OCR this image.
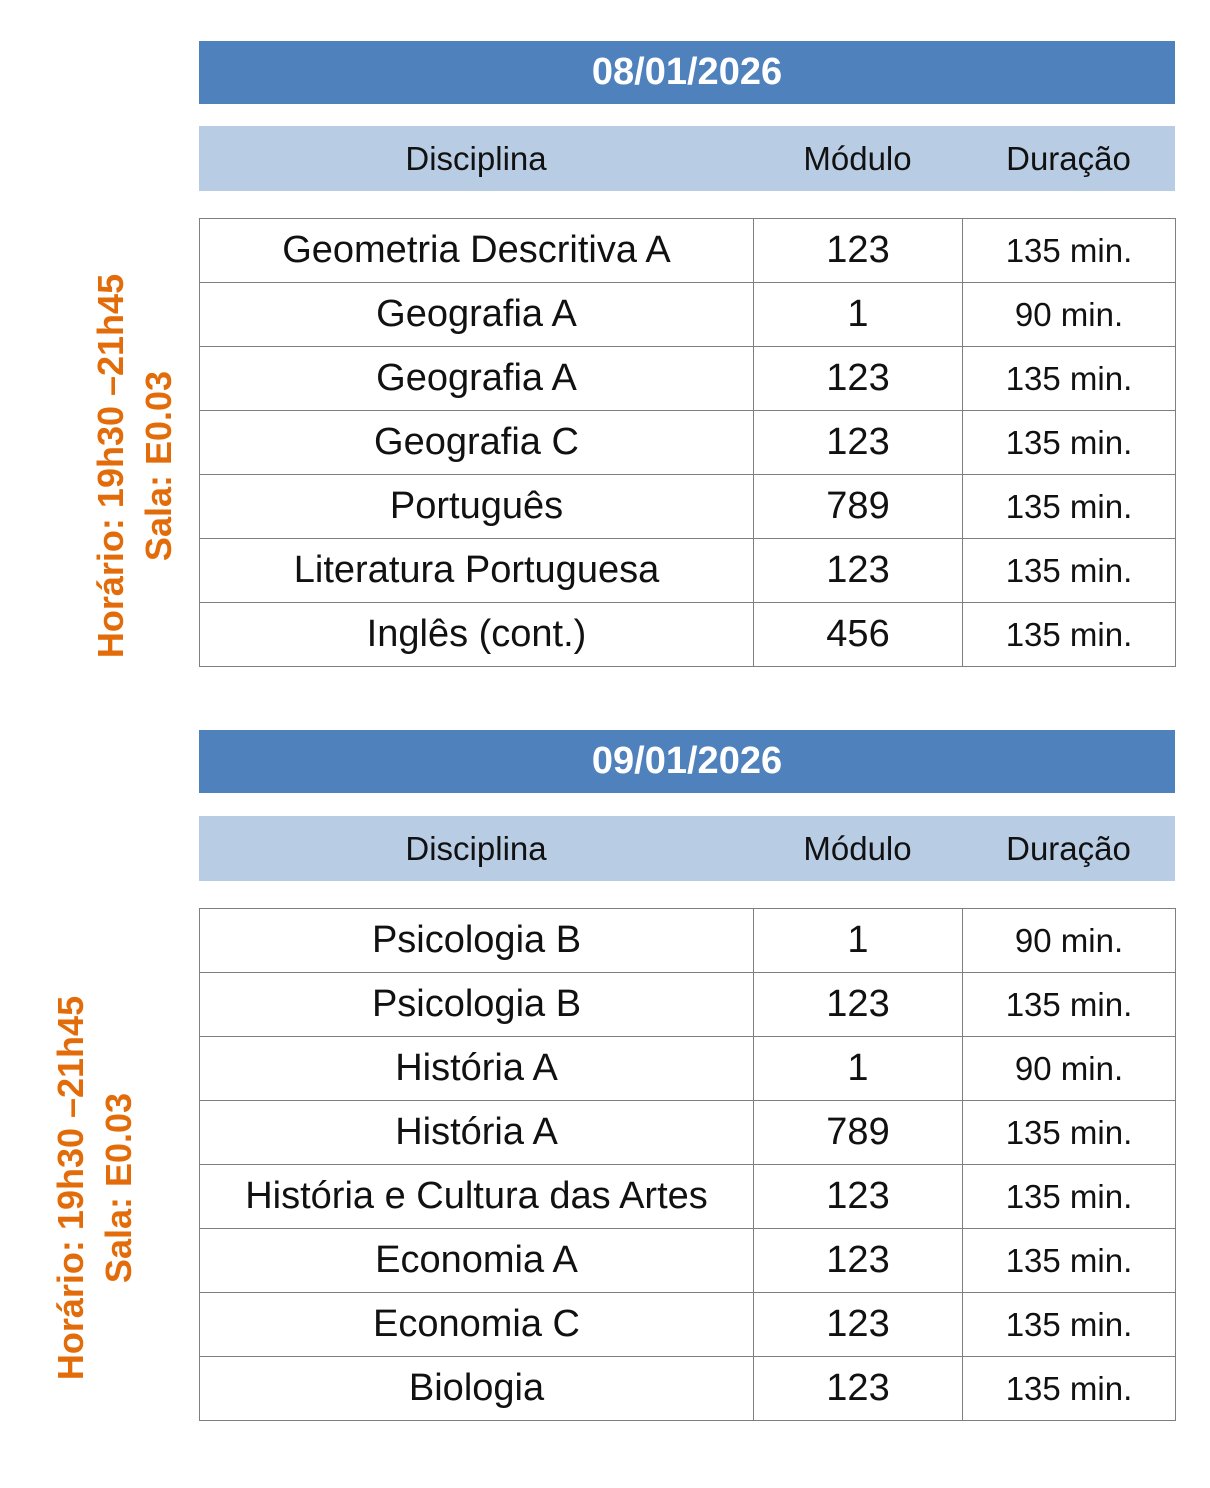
08/01/2026
Disciplina	Módulo	Duração
Geometria Descritiva A	123	135 min.
Geografia A	1	90 min.
Geografia A	123	135 min.
Geografia C	123	135 min.
Português	789	135 min.
Literatura Portuguesa	123	135 min.
Inglês (cont.)	456	135 min.
Horário: 19h30 –21h45 Sala: E0.03
09/01/2026
Disciplina	Módulo	Duração
Psicologia B	1	90 min.
Psicologia B	123	135 min.
História A	1	90 min.
História A	789	135 min.
História e Cultura das Artes	123	135 min.
Economia A	123	135 min.
Economia C	123	135 min.
Biologia	123	135 min.
Horário: 19h30 –21h45 Sala: E0.03
